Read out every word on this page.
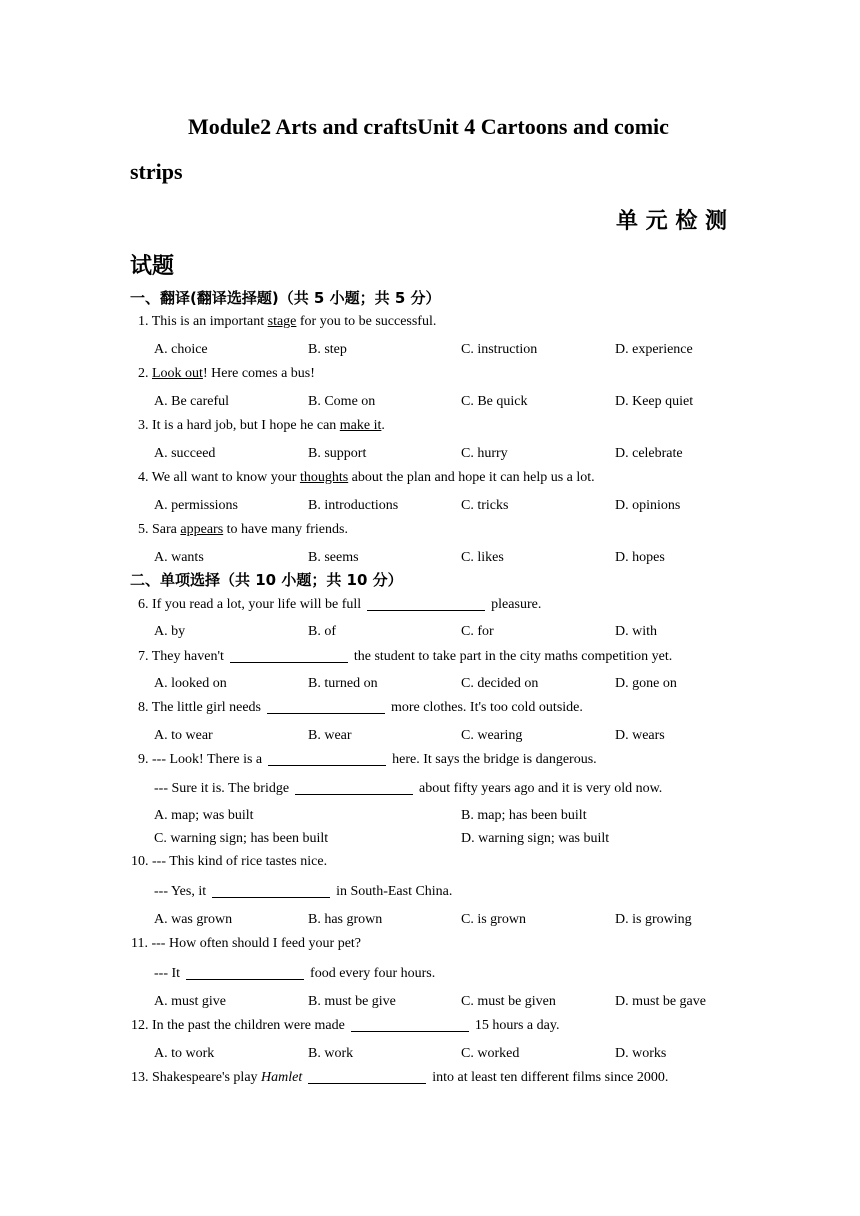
Module2 Arts and craftsUnit 4 Cartoons and comic
strips
单 元 检 测
试题
一、翻译(翻译选择题)（共 5 小题；共 5 分）
1. This is an important stage for you to be successful.
A. choice	B. step	C. instruction	D. experience
2. Look out! Here comes a bus!
A. Be careful	B. Come on	C. Be quick	D. Keep quiet
3. It is a hard job, but I hope he can make it.
A. succeed	B. support	C. hurry	D. celebrate
4. We all want to know your thoughts about the plan and hope it can help us a lot.
A. permissions	B. introductions	C. tricks	D. opinions
5. Sara appears to have many friends.
A. wants	B. seems	C. likes	D. hopes
二、单项选择（共 10 小题；共 10 分）
6. If you read a lot, your life will be full	pleasure.
A. by	B. of	C. for	D. with
7. They haven't	the student to take part in the city maths competition yet.
A. looked on	B. turned on	C. decided on	D. gone on
8. The little girl needs	more clothes. It's too cold outside.
A. to wear	B. wear	C. wearing	D. wears
9. --- Look! There is a	here. It says the bridge is dangerous.
--- Sure it is. The bridge	about fifty years ago and it is very old now.
A. map; was built	B. map; has been built
C. warning sign; has been built	D. warning sign; was built
10. --- This kind of rice tastes nice.
--- Yes, it	in South-East China.
A. was grown	B. has grown	C. is grown	D. is growing
11. --- How often should I feed your pet?
--- It	food every four hours.
A. must give	B. must be give	C. must be given	D. must be gave
12. In the past the children were made	15 hours a day.
A. to work	B. work	C. worked	D. works
13. Shakespeare's play Hamlet	into at least ten different films since 2000.
